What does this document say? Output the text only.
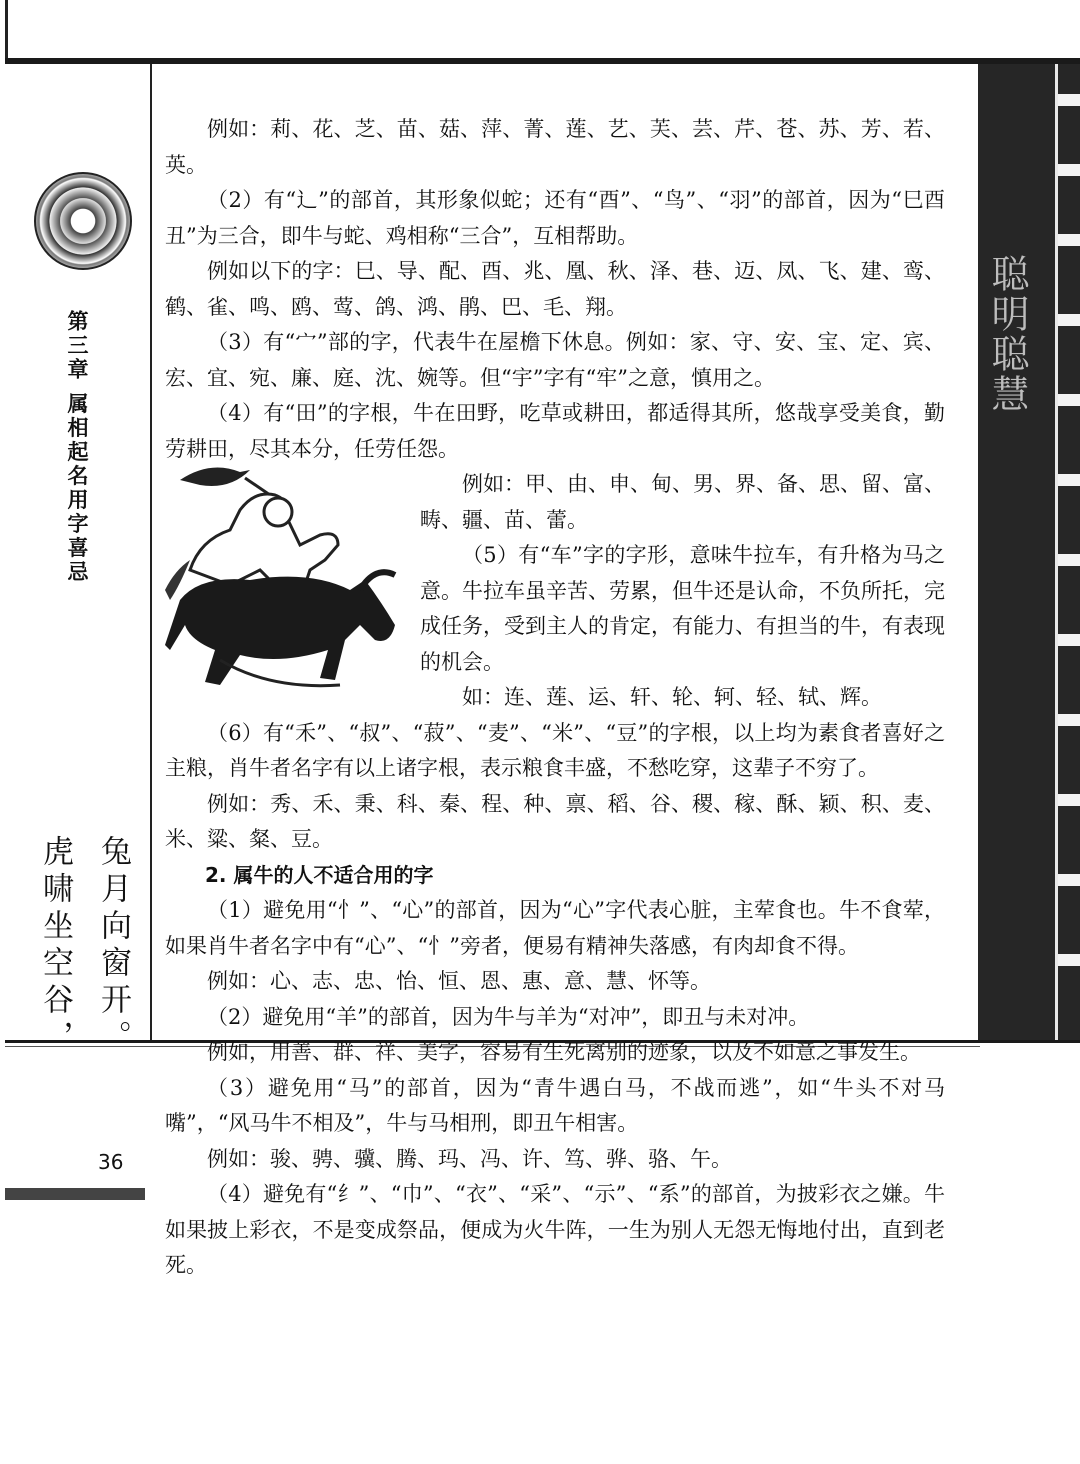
聪明聪慧
第三章 属相起名用字喜忌
兔月向窗开。
虎啸坐空谷，
36

例如：莉、花、芝、苗、菇、萍、菁、莲、艺、芙、芸、芹、苍、苏、芳、若、英。

（2）有“辶”的部首，其形象似蛇；还有“酉”、“鸟”、“羽”的部首，因为“巳酉丑”为三合，即牛与蛇、鸡相称“三合”，互相帮助。

例如以下的字：巳、导、配、酉、兆、凰、秋、泽、巷、迈、凤、飞、建、鸾、鹤、雀、鸣、鸥、莺、鸽、鸿、鹃、巴、毛、翔。

（3）有“宀”部的字，代表牛在屋檐下休息。例如：家、守、安、宝、定、宾、宏、宜、宛、廉、庭、沈、婉等。但“宇”字有“牢”之意，慎用之。

（4）有“田”的字根，牛在田野，吃草或耕田，都适得其所，悠哉享受美食，勤劳耕田，尽其本分，任劳任怨。

例如：甲、由、申、甸、男、界、备、思、留、富、畴、疆、苗、蕾。

（5）有“车”字的字形，意味牛拉车，有升格为马之意。牛拉车虽辛苦、劳累，但牛还是认命，不负所托，完成任务，受到主人的肯定，有能力、有担当的牛，有表现的机会。

如：连、莲、运、轩、轮、轲、轻、轼、辉。

（6）有“禾”、“叔”、“菽”、“麦”、“米”、“豆”的字根，以上均为素食者喜好之主粮，肖牛者名字有以上诸字根，表示粮食丰盛，不愁吃穿，这辈子不穷了。

例如：秀、禾、秉、科、秦、程、种、禀、稻、谷、稷、稼、酥、颖、积、麦、米、粱、粲、豆。

2. 属牛的人不适合用的字

（1）避免用“忄”、“心”的部首，因为“心”字代表心脏，主荤食也。牛不食荤，如果肖牛者名字中有“心”、“忄”旁者，便易有精神失落感，有肉却食不得。

例如：心、志、忠、怡、恒、恩、惠、意、慧、怀等。

（2）避免用“羊”的部首，因为牛与羊为“对冲”，即丑与未对冲。

例如，用善、群、祥、美字，容易有生死离别的迹象，以及不如意之事发生。

（3）避免用“马”的部首，因为“青牛遇白马，不战而逃”，如“牛头不对马嘴”，“风马牛不相及”，牛与马相刑，即丑午相害。

例如：骏、骋、骥、腾、玛、冯、许、笃、骅、骆、午。

（4）避免有“纟”、“巾”、“衣”、“采”、“示”、“系”的部首，为披彩衣之嫌。牛如果披上彩衣，不是变成祭品，便成为火牛阵，一生为别人无怨无悔地付出，直到老死。
